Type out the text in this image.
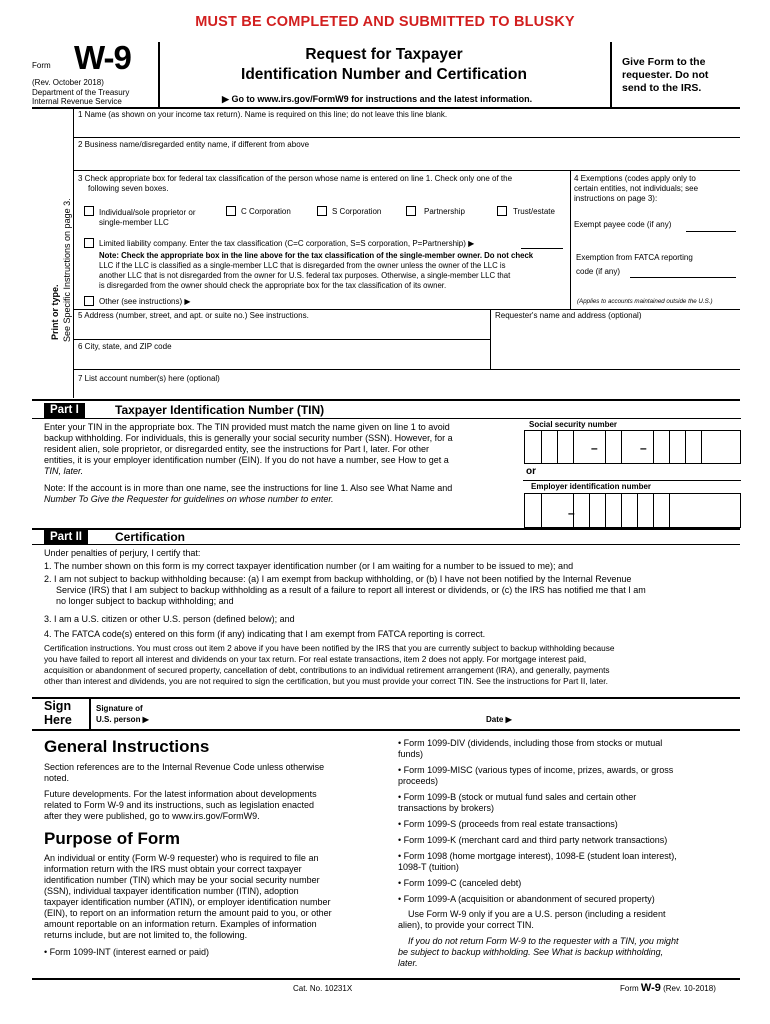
MUST BE COMPLETED AND SUBMITTED TO BLUSKY
Form W-9
(Rev. October 2018)
Department of the Treasury
Internal Revenue Service
Request for Taxpayer
Identification Number and Certification
▶ Go to www.irs.gov/FormW9 for instructions and the latest information.
Give Form to the requester. Do not send to the IRS.
Print or type. See Specific Instructions on page 3.
1 Name (as shown on your income tax return). Name is required on this line; do not leave this line blank.
2 Business name/disregarded entity name, if different from above
3 Check appropriate box for federal tax classification of the person whose name is entered on line 1. Check only one of the
following seven boxes.
Individual/sole proprietor or
single-member LLC
C Corporation	S Corporation	Partnership	Trust/estate
Limited liability company. Enter the tax classification (C=C corporation, S=S corporation, P=Partnership) ▶
Note: Check the appropriate box in the line above for the tax classification of the single-member owner. Do not check
LLC if the LLC is classified as a single-member LLC that is disregarded from the owner unless the owner of the LLC is
another LLC that is not disregarded from the owner for U.S. federal tax purposes. Otherwise, a single-member LLC that
is disregarded from the owner should check the appropriate box for the tax classification of its owner.
Other (see instructions) ▶
4 Exemptions (codes apply only to
certain entities, not individuals; see
instructions on page 3):
Exempt payee code (if any)
Exemption from FATCA reporting
code (if any)
(Applies to accounts maintained outside the U.S.)
5 Address (number, street, and apt. or suite no.) See instructions.	Requester's name and address (optional)
6 City, state, and ZIP code
7 List account number(s) here (optional)
Part I	Taxpayer Identification Number (TIN)
Enter your TIN in the appropriate box. The TIN provided must match the name given on line 1 to avoid
backup withholding. For individuals, this is generally your social security number (SSN). However, for a
resident alien, sole proprietor, or disregarded entity, see the instructions for Part I, later. For other
entities, it is your employer identification number (EIN). If you do not have a number, see How to get a
TIN, later.
Note: If the account is in more than one name, see the instructions for line 1. Also see What Name and
Number To Give the Requester for guidelines on whose number to enter.
Social security number
–	–
or
Employer identification number
–
Part II	Certification
Under penalties of perjury, I certify that:
1. The number shown on this form is my correct taxpayer identification number (or I am waiting for a number to be issued to me); and
2. I am not subject to backup withholding because: (a) I am exempt from backup withholding, or (b) I have not been notified by the Internal Revenue
Service (IRS) that I am subject to backup withholding as a result of a failure to report all interest or dividends, or (c) the IRS has notified me that I am
no longer subject to backup withholding; and
3. I am a U.S. citizen or other U.S. person (defined below); and
4. The FATCA code(s) entered on this form (if any) indicating that I am exempt from FATCA reporting is correct.
Certification instructions. You must cross out item 2 above if you have been notified by the IRS that you are currently subject to backup withholding because
you have failed to report all interest and dividends on your tax return. For real estate transactions, item 2 does not apply. For mortgage interest paid,
acquisition or abandonment of secured property, cancellation of debt, contributions to an individual retirement arrangement (IRA), and generally, payments
other than interest and dividends, you are not required to sign the certification, but you must provide your correct TIN. See the instructions for Part II, later.
Sign
Here
Signature of
U.S. person ▶	Date ▶
General Instructions
Section references are to the Internal Revenue Code unless otherwise
noted.
Future developments. For the latest information about developments
related to Form W-9 and its instructions, such as legislation enacted
after they were published, go to www.irs.gov/FormW9.
Purpose of Form
An individual or entity (Form W-9 requester) who is required to file an
information return with the IRS must obtain your correct taxpayer
identification number (TIN) which may be your social security number
(SSN), individual taxpayer identification number (ITIN), adoption
taxpayer identification number (ATIN), or employer identification number
(EIN), to report on an information return the amount paid to you, or other
amount reportable on an information return. Examples of information
returns include, but are not limited to, the following.
• Form 1099-INT (interest earned or paid)
• Form 1099-DIV (dividends, including those from stocks or mutual
funds)
• Form 1099-MISC (various types of income, prizes, awards, or gross
proceeds)
• Form 1099-B (stock or mutual fund sales and certain other
transactions by brokers)
• Form 1099-S (proceeds from real estate transactions)
• Form 1099-K (merchant card and third party network transactions)
• Form 1098 (home mortgage interest), 1098-E (student loan interest),
1098-T (tuition)
• Form 1099-C (canceled debt)
• Form 1099-A (acquisition or abandonment of secured property)
Use Form W-9 only if you are a U.S. person (including a resident
alien), to provide your correct TIN.
If you do not return Form W-9 to the requester with a TIN, you might
be subject to backup withholding. See What is backup withholding,
later.
Cat. No. 10231X	Form W-9 (Rev. 10-2018)
